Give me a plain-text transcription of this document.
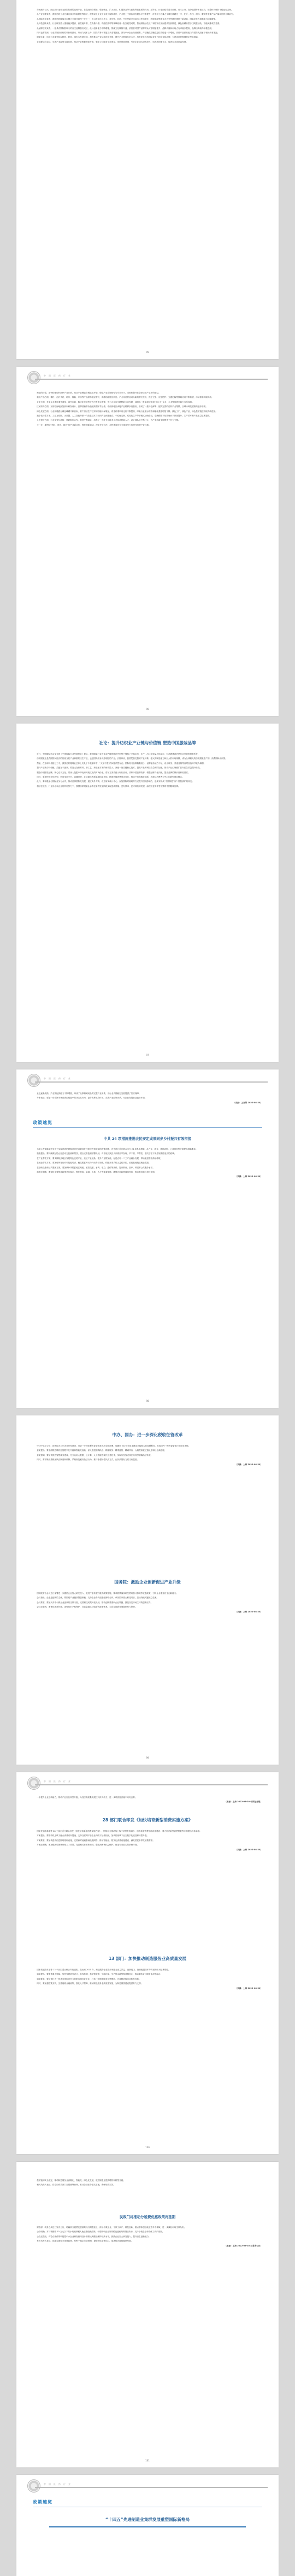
市场潜力巨大，而且纺织业作为我国传统的优势产业，在促进经济增长、增加就业、扩大出口、积累资金等方面发挥着重要的作用。近年来，行业面临着需求放缓、成本上升、竞争加剧等多重压力，但整体仍保持平稳运行态势。

从产业规模来看，我国纺织工业总量连续多年稳居世界首位，规模以上企业营业收入保持增长，产业链上下游协同发展水平不断提升，纤维加工总量占全球比重超过一半，化纤、纱线、面料、服装等主要产品产量均位居全球前列。

从国际市场来看，我国纺织服装出口额占全球比重约三分之一，出口市场日趋多元，对东盟、非洲、中东等新兴市场出口快速增长，跨境电商等新业态为外贸增长提供了新动能，国际竞争力和影响力持续增强。

从科技创新来看，行业研发投入强度稳步提高，高性能纤维、生物基纤维、功能性面料等领域取得一批突破性成果，智能制造示范工厂和数字化车间建设加快推进，绿色低碳转型步伐明显加快，节能减排成效显著。

从品牌建设来看，一批具有国际影响力的自主品牌加快成长，设计创新能力不断增强，国潮文化持续升温，消费者对国产品牌的认可度明显提升，品牌价值和市场占有率稳步提高，品牌出海取得积极进展。

同时也要看到，行业发展仍面临原料价格波动、劳动力成本上升、国际贸易环境复杂多变等挑战，部分中小企业经营困难，产业链供应链稳定性有待进一步增强，高端产品供给能力与国际先进水平相比仍有差距。

展望未来，纺织行业要坚持以科技、时尚、绿色为发展方向，加快推动产业结构优化升级，提升产业链现代化水平，培育更多具有国际竞争力的企业和品牌，为建设纺织强国奠定坚实基础。

各地要结合实际，完善产业政策支持体系，推动产业集群提质升级，强化公共服务平台建设，优化营商环境，引导企业加大研发投入，培育新的增长点，促进行业高质量发展。

95
中 国 医 药 行 业

制造的转型，加快构建现代纺织产业体系，推动产业链供应链优化升级，增强产业发展韧性与安全水平，巩固和提升在全球纺织产业中的地位。

重点产品方面，棉纱、化纤长丝、坯布、服装、家纺等产品保持稳定增长，高端功能性纺织品、产业用纺织品成为新的增长亮点，医疗卫生、应急防护、交通运输等领域应用不断拓展，市场需求持续释放。

企业方面，龙头企业通过兼并重组、海外布局、数字化改造等方式不断做大做强，中小企业向专精特新方向发展，涌现出一批单项冠军和“小巨人”企业，企业整体盈利能力有所改善。

区域布局方面，东部沿海地区加快向研发设计、品牌营销等价值链高端环节延伸，中西部地区承接产业转移步伐加快，形成了一批特色鲜明、配套完善的纺织产业集群，区域协调发展格局逐步形成。

绿色发展方面，行业积极践行碳达峰碳中和目标，推广清洁生产技术和节能环保装备，再生纤维利用比例不断提高，印染行业废水排放和能耗强度明显下降，绿色工厂、绿色产品、绿色供应链建设取得新进展。

数字化转型方面，工业互联网、大数据、人工智能等新一代信息技术与纺织产业深度融合，个性化定制、柔性化生产等新模式加快普及，全流程数字化管理水平持续提升，生产效率和产品质量显著提高。

人才建设方面，行业加强与高校、科研院所合作，推进产教融合，培养了一大批专业技术人才和高技能人才，设计师队伍不断壮大，为产业创新发展提供了有力支撑。

下一步，要围绕“科技、时尚、绿色”的产业新定位，强化创新驱动，深化开放合作，加快建设具有全球竞争力的现代纺织产业体系。

96
社论：提升纺织业产业链与价值链 塑造中国服装品牌

近日，中国服装协会发布的《中国服装行业发展报告》显示，我国服装行业在复杂严峻的国内外形势下保持了平稳运行，生产、出口和效益总体稳定，但品牌建设仍是行业发展的短板所在。

纺织服装业是我国国民经济的传统支柱产业和重要民生产业，也是国际竞争优势明显的产业。长期以来，我国凭借完整的产业体系、强大的制造能力和巨大的市场规模，成为全球最大的纺织服装生产国、消费国和出口国。

然而，在全球价值链分工中，我国纺织服装业总体上仍处于中低端环节，“大而不强”的问题依然存在。国际知名品牌数量较少，品牌溢价能力不足，设计研发、渠道营销等高附加值环节较为薄弱。

提升产业链与价值链，关键在于创新。要加大在新材料、新工艺、新装备方面的研发投入，突破一批关键核心技术，提高产品的科技含量和附加值，推动产业由规模扩张向质量效益提升转变。

塑造中国服装品牌，核心在于文化。要深入挖掘中华优秀传统文化的时尚价值，将东方美学融入现代设计，讲好中国品牌故事，增强品牌文化内涵，提升品牌的辨识度和美誉度。

同时，要加快数字化转型，利用电商平台、直播带货、社交媒体等新渠道拓展市场，精准把握消费需求变化，推动产品和服务创新，构建以消费者为中心的新型商业模式。

此外，要积极参与国际竞争与合作，推动品牌国际化发展，通过海外并购、设立研发设计中心、参加国际时装周等方式提升国际影响力，逐步实现从“中国制造”向“中国品牌”的转变。

相信在政府、行业协会和企业的共同努力下，我国纺织服装业必将在新的发展阶段实现更高质量、更有效率、更可持续的发展，涌现出更多享誉世界的中国服装品牌。

97
中 国 医 药 行 业

业也逐渐成熟，产业链配套能力不断增强，形成了从原料到成品的完整产业体系，为行业长期稳定发展提供了坚实保障。

专家表示，要进一步发挥市场在资源配置中的决定性作用，更好发挥政府作用，完善产业政策体系，为企业发展营造良好环境。

（来源：上交所 2022-08-30）

政策速览
中共 24 项措施推进农民安定成果同步乡村振兴有效衔接

为深入贯彻落实中央关于实现巩固拓展脱贫攻坚成果同乡村振兴有效衔接的决策部署，有关部门近日联合出台 24 项具体措施，从产业、就业、基础设施、公共服务等方面提出明确要求。

措施提出，要持续做好防止返贫动态监测和帮扶，健全完善监测预警机制，对易返贫致贫人口做到早发现、早干预、早帮扶，坚决守住不发生规模性返贫的底线。

在产业帮扶方面，要支持脱贫地区发展特色优势产业，延长产业链条，提升产业附加值，促进农村一二三产业融合发展，带动脱贫群众持续增收。

在就业帮扶方面，要加强劳务协作和技能培训，稳定脱贫劳动力外出务工规模，积极开发乡村公益性岗位，拓宽就地就近就业渠道。

在基础设施和公共服务方面，要加快补齐脱贫地区短板，改善交通、水利、电力、通信等条件，提升教育、医疗、养老等公共服务水平。

措施还明确，要保持主要帮扶政策总体稳定，强化财政、金融、土地、人才等要素保障，确保各项政策落地见效，推动脱贫地区加快发展。

（来源：上海 2022-08-30）

98
中办、国办：进一步深化税收征管改革

中共中央办公厅、国务院办公厅近日印发意见，对进一步深化税收征管改革作出全面部署，明确到 2025 年基本建成功能强大的智慧税务，形成国内一流的智能化行政应用系统。

意见提出，要全面推进税收征管数字化升级和智能化改造，深入推进精确执法、精细服务、精准监管、精诚共治，大幅提高税法遵从度和社会满意度。

意见强调，要加快推进智慧税务建设，充分运用大数据、云计算、人工智能等现代信息技术，实现从经验式执法向科学精确执法转变。

同时，要不断完善税务执法制度和机制，严格规范税务执法行为，推行非强制性执法方式，让执法既有力度又有温度。

（来源：上海 2022-08-30）

国务院：激励企业创新促进产业升级

国务院常务会议近日部署进一步激励企业加大研发投入、促进产业转型升级的政策措施，要求抓紧落实研发费用加计扣除等优惠政策，引导企业增强自主创新能力。

会议指出，企业是创新的主体，要围绕产业链部署创新链，支持企业牵头组建创新联合体，承担国家重大科技项目，加快突破关键核心技术。

会议要求，要加大对中小微企业创新的支持力度，完善科技成果转化机制，推动创新要素向企业集聚，激发各类市场主体的创新活力。

会议还强调，要优化创新环境，加强知识产权保护，完善金融支持创新的政策体系，为企业创新发展提供有力保障。

（来源：上海 2022-08-30）

99
中 国 医 药 行 业

一步提升企业创新能力，推动产业加快转型升级，为经济高质量发展注入持久动力，进一步巩固经济稳中向好态势。

（来源：上海 2022-08-30 中国证券报）

28 部门联合印发《加快培育新型消费实施方案》

国家发展改革委等 28 个部门近日联合印发《加快培育新型消费实施方案》，围绕加力推动线上线下消费有机融合、加快新型消费基础设施建设、着力补齐新型消费短板等方面提出具体举措。

方案提出，要推动线上线下融合消费双向提速，支持互联网平台企业向线下延伸拓展，加快传统线下业态数字化改造和转型升级。

方案要求，要加快建设信息网络基础设施，完善商贸流通基础设施网络，推动智能化、数字化消费设施建设，满足居民多样化消费需求。

方案还明确，要加强新型消费领域人才培养，完善相关标准和规则，强化消费者权益保护，营造安全放心的消费环境。

（来源：上海 2022-08-30）

13 部门：加快推动制造服务业高质量发展

国家发展改革委等 13 个部门近日联合印发通知，提出到 2025 年，制造服务业在提升制造业质量效益、创新能力、资源配置效率等方面的作用显著增强。

通知提出，要聚焦重点领域，加快发展研发设计、检验检测、供应链管理、节能环保、生产性金融等制造服务业，推动制造业与服务业深度融合。

通知要求，要培育壮大一批具有国际竞争力的制造服务业企业，打造一批制造服务业集聚区，完善制造服务业标准体系。

同时，要加强政策支持，完善财税金融政策，强化人才保障，推动制造服务业高质量发展，为制造强国建设提供有力支撑。

（来源：上海 2022-08-30）

100

供应链的安全稳定，推动制造服务业高端化、智能化、绿色化发展，促进制造业提质增效和转型升级。

相关负责人表示，将会同有关部门加强统筹协调，推动各项任务落实落地，确保取得实效。

民政门将推动分税费优惠政策再延期

财政部、税务总局近日发布公告，明确部分税费优惠政策执行期限延长，涉及小微企业、个体工商户、科技创新、重点群体创业就业等多个领域，进一步减轻市场主体负担。

公告明确，对月销售额 10 万元以下的小规模纳税人免征增值税政策、小型微利企业所得税优惠政策等继续执行，支持小微企业和个体工商户发展。

公告还提出，对符合条件的科技型中小企业研发费用加计扣除比例继续保持较高水平，鼓励企业加大研发投入，提升自主创新能力。

有关负责人表示，延续实施相关优惠政策，有利于稳定市场预期，提振市场主体信心，促进经济持续健康发展。

（来源：上海 2022-08-30 交易所公告）

101
中 国 医 药 行 业
政策速览
“十四五”先进制造业集群发展重塑国际新格局
